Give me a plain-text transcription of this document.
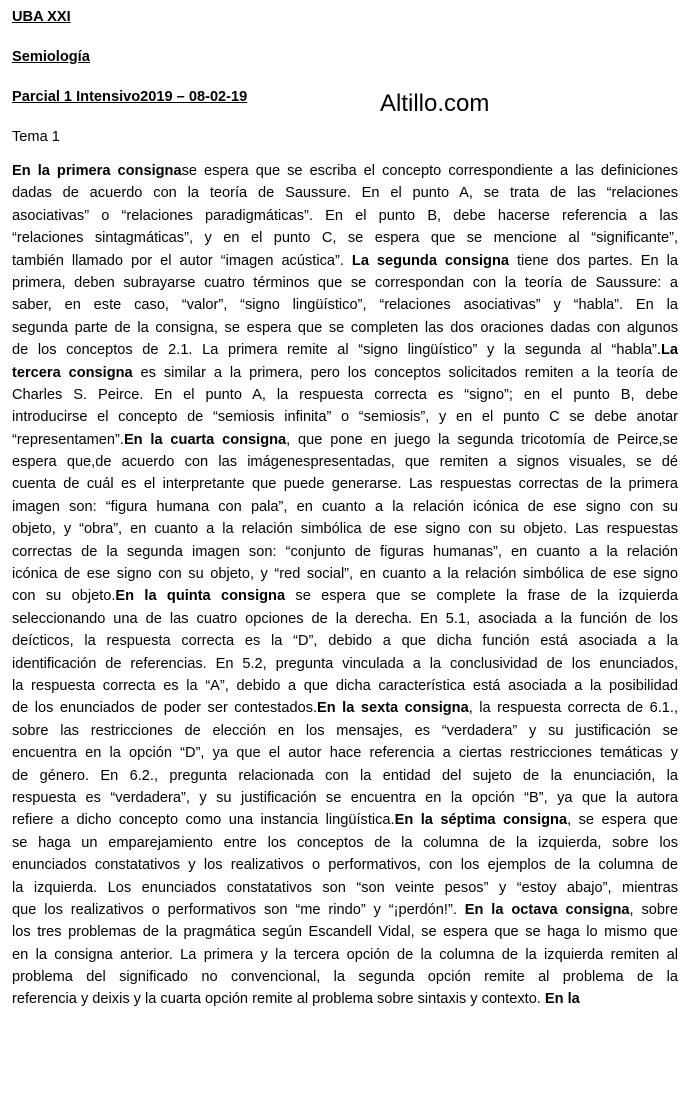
UBA XXI
Semiología
Parcial 1 Intensivo2019 – 08-02-19	Altillo.com
Tema 1
En la primera consignase espera que se escriba el concepto correspondiente a las definiciones
dadas de acuerdo con la teoría de Saussure. En el punto A, se trata de las “relaciones
asociativas” o “relaciones paradigmáticas”. En el punto B, debe hacerse referencia a las
“relaciones sintagmáticas”, y en el punto C, se espera que se mencione al “significante”,
también llamado por el autor “imagen acústica”. La segunda consigna tiene dos partes. En la
primera, deben subrayarse cuatro términos que se correspondan con la teoría de Saussure: a
saber, en este caso, “valor”, “signo lingüístico”, “relaciones asociativas” y “habla”. En la
segunda parte de la consigna, se espera que se completen las dos oraciones dadas con algunos
de los conceptos de 2.1. La primera remite al “signo lingüístico” y la segunda al “habla”.La
tercera consigna es similar a la primera, pero los conceptos solicitados remiten a la teoría de
Charles S. Peirce. En el punto A, la respuesta correcta es “signo”; en el punto B, debe
introducirse el concepto de “semiosis infinita” o “semiosis”, y en el punto C se debe anotar
“representamen”.En la cuarta consigna, que pone en juego la segunda tricotomía de Peirce,se
espera que,de acuerdo con las imágenespresentadas, que remiten a signos visuales, se dé
cuenta de cuál es el interpretante que puede generarse. Las respuestas correctas de la primera
imagen son: “figura humana con pala”, en cuanto a la relación icónica de ese signo con su
objeto, y “obra”, en cuanto a la relación simbólica de ese signo con su objeto. Las respuestas
correctas de la segunda imagen son: “conjunto de figuras humanas”, en cuanto a la relación
icónica de ese signo con su objeto, y “red social”, en cuanto a la relación simbólica de ese signo
con su objeto.En la quinta consigna se espera que se complete la frase de la izquierda
seleccionando una de las cuatro opciones de la derecha. En 5.1, asociada a la función de los
deícticos, la respuesta correcta es la “D”, debido a que dicha función está asociada a la
identificación de referencias. En 5.2, pregunta vinculada a la conclusividad de los enunciados,
la respuesta correcta es la “A”, debido a que dicha característica está asociada a la posibilidad
de los enunciados de poder ser contestados.En la sexta consigna, la respuesta correcta de 6.1.,
sobre las restricciones de elección en los mensajes, es “verdadera” y su justificación se
encuentra en la opción “D”, ya que el autor hace referencia a ciertas restricciones temáticas y
de género. En 6.2., pregunta relacionada con la entidad del sujeto de la enunciación, la
respuesta es “verdadera”, y su justificación se encuentra en la opción “B”, ya que la autora
refiere a dicho concepto como una instancia lingüística.En la séptima consigna, se espera que
se haga un emparejamiento entre los conceptos de la columna de la izquierda, sobre los
enunciados constatativos y los realizativos o performativos, con los ejemplos de la columna de
la izquierda. Los enunciados constatativos son “son veinte pesos” y “estoy abajo”, mientras
que los realizativos o performativos son “me rindo” y “¡perdón!”. En la octava consigna, sobre
los tres problemas de la pragmática según Escandell Vidal, se espera que se haga lo mismo que
en la consigna anterior. La primera y la tercera opción de la columna de la izquierda remiten al
problema del significado no convencional, la segunda opción remite al problema de la
referencia y deixis y la cuarta opción remite al problema sobre sintaxis y contexto. En la
